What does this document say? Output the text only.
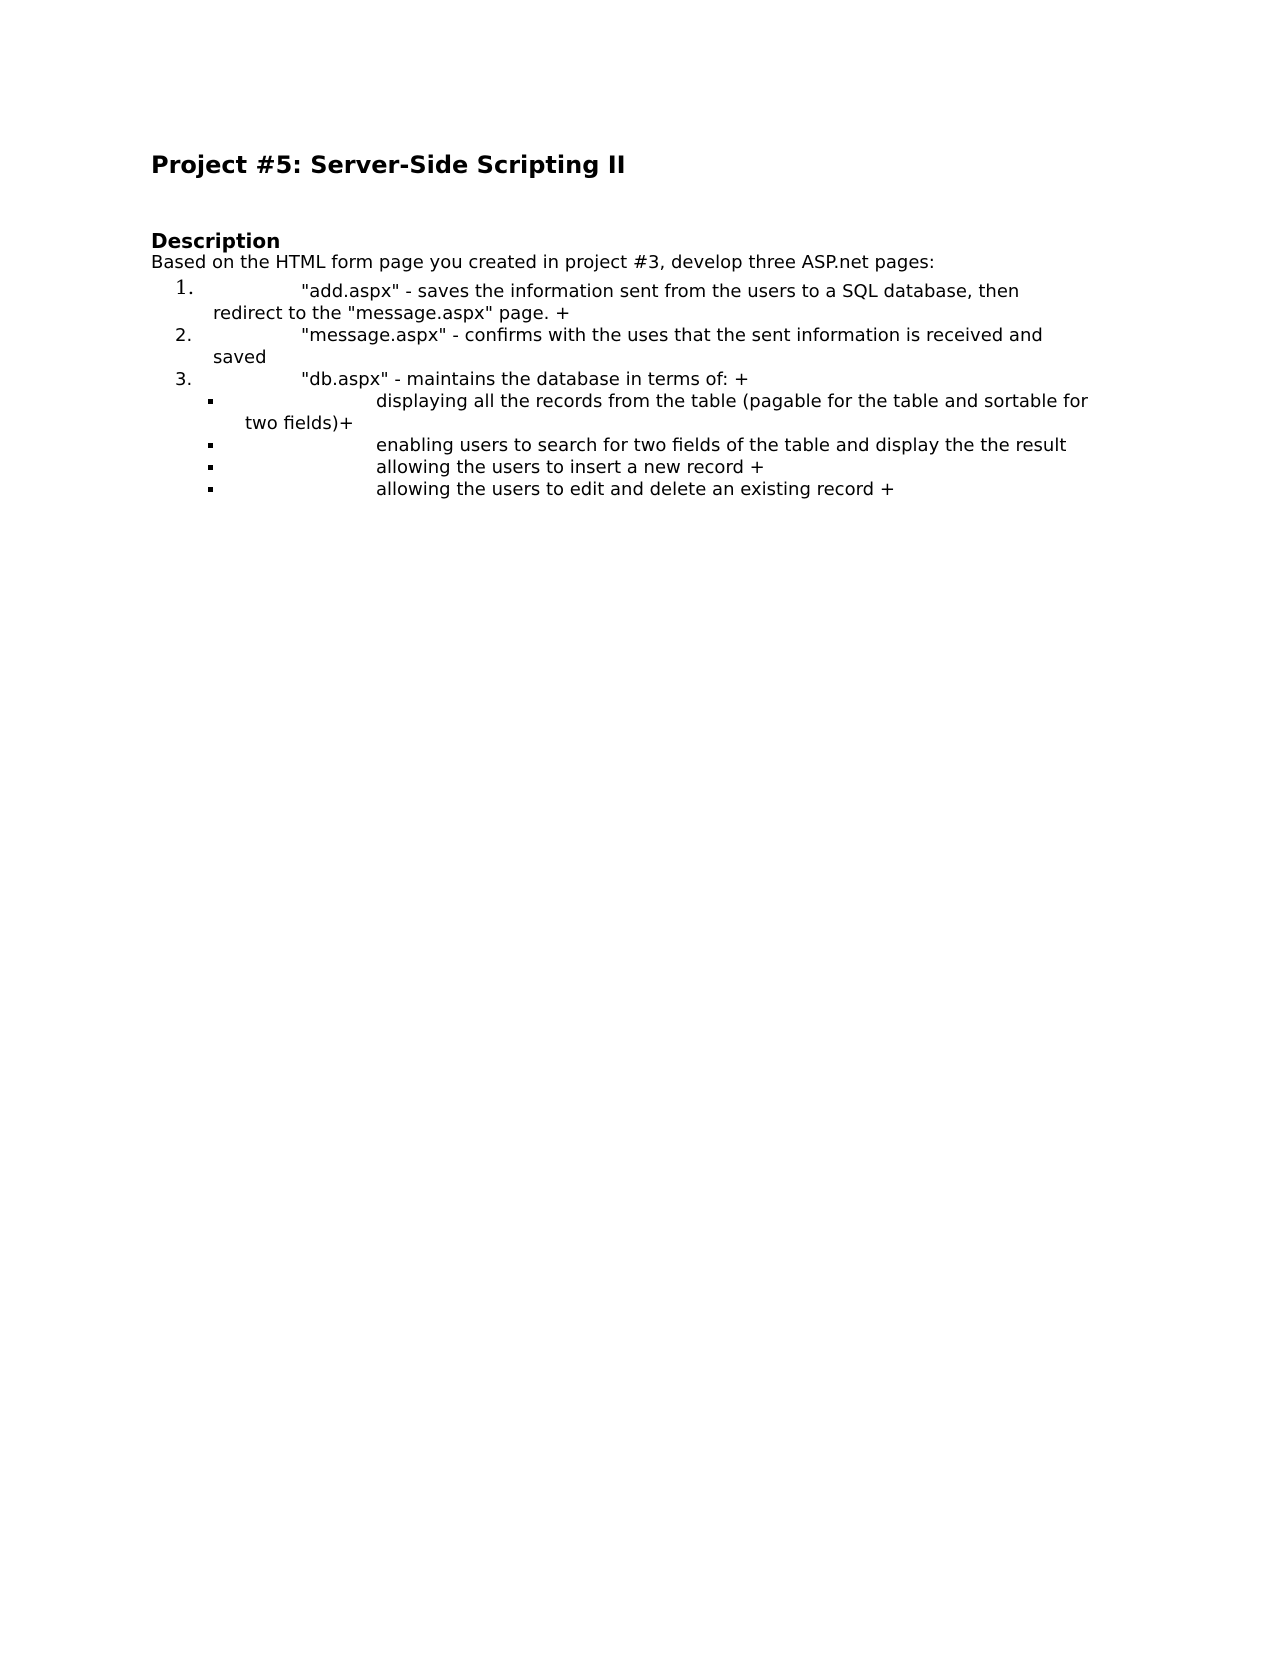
Project #5: Server-Side Scripting II
Description

Based on the HTML form page you created in project #3, develop three ASP.net pages:

1.	"add.aspx" - saves the information sent from the users to a SQL database, then
redirect to the "message.aspx" page. +
2.	"message.aspx" - confirms with the uses that the sent information is received and
saved
3.	"db.aspx" - maintains the database in terms of: +
displaying all the records from the table (pagable for the table and sortable for
two fields)+
enabling users to search for two fields of the table and display the the result
allowing the users to insert a new record +
allowing the users to edit and delete an existing record +
